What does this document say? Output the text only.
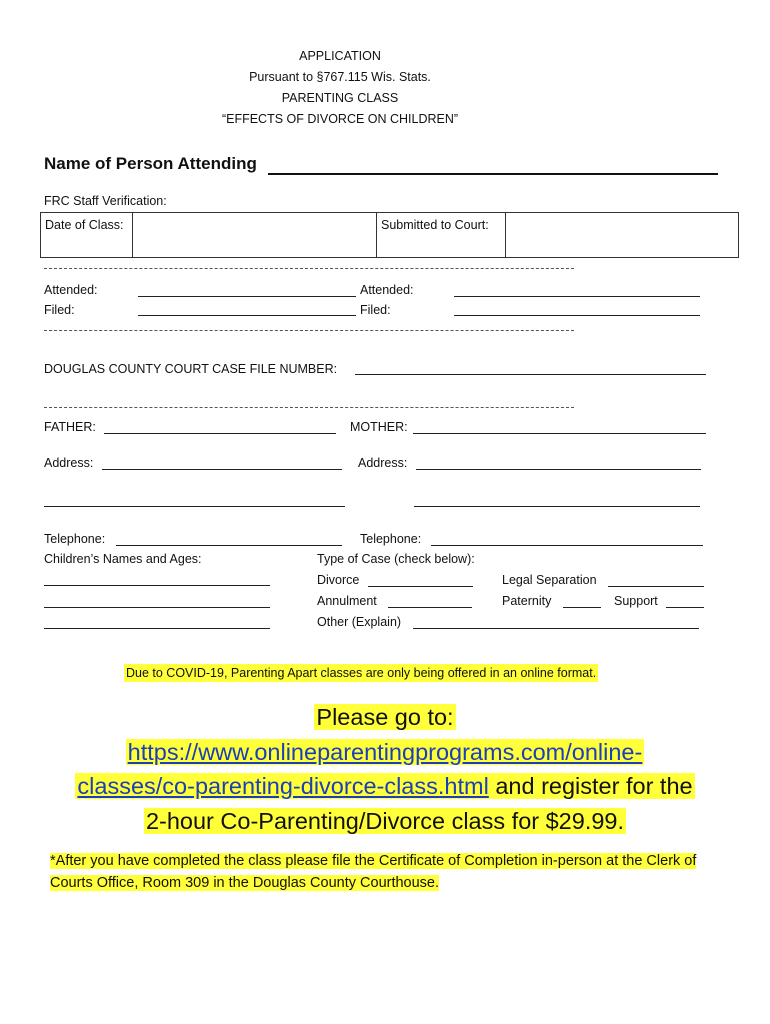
APPLICATION
Pursuant to §767.115 Wis. Stats.
PARENTING CLASS
“EFFECTS OF DIVORCE ON CHILDREN”
Name of Person Attending
FRC Staff Verification:
Date of Class:		Submitted to Court:	
Attended:	Attended:
Filed:	Filed:
DOUGLAS COUNTY COURT CASE FILE NUMBER:
FATHER:	MOTHER:
Address:	Address:
Telephone:	Telephone:
Children’s Names and Ages:	Type of Case (check below):
Divorce	Legal Separation
Annulment	Paternity	Support
Other (Explain)
Due to COVID-19, Parenting Apart classes are only being offered in an online format.
Please go to:
https://www.onlineparentingprograms.com/online-
classes/co-parenting-divorce-class.html and register for the
2-hour Co-Parenting/Divorce class for $29.99.
*After you have completed the class please file the Certificate of Completion in-person at the Clerk of Courts Office, Room 309 in the Douglas County Courthouse.
